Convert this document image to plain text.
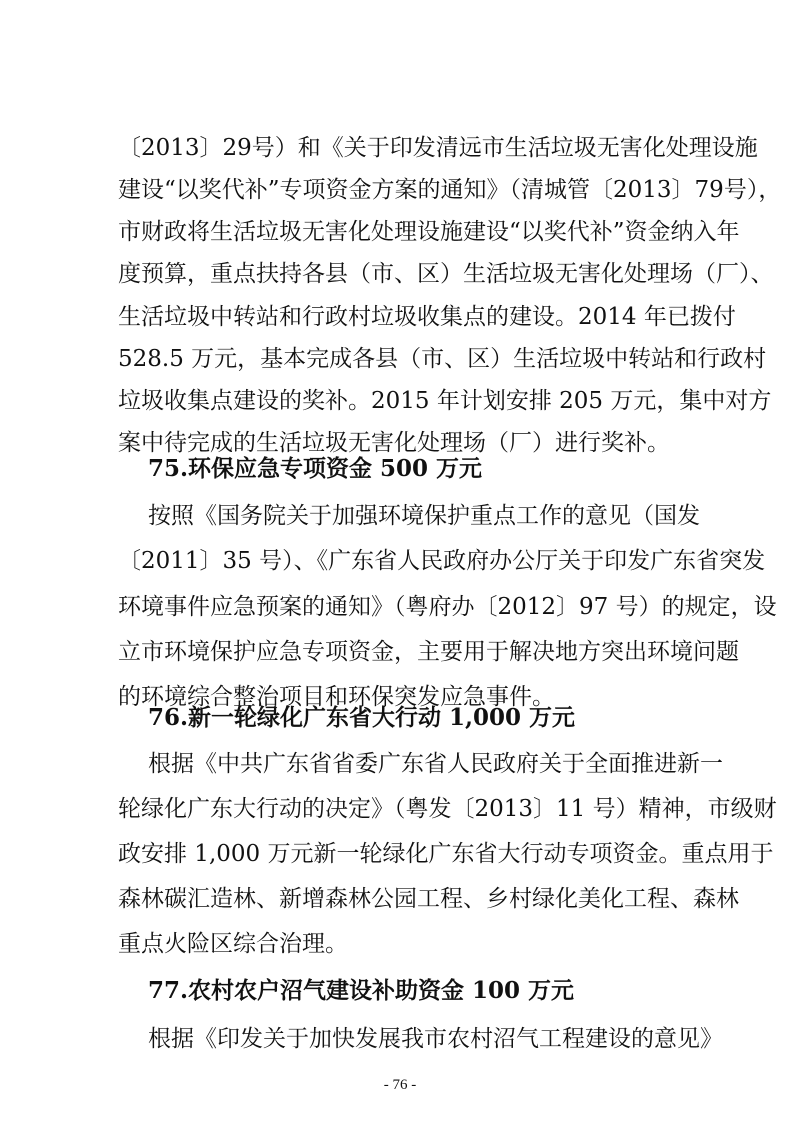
〔2013〕29号）和《关于印发清远市生活垃圾无害化处理设施
建设“以奖代补”专项资金方案的通知》（清城管〔2013〕79号），
市财政将生活垃圾无害化处理设施建设“以奖代补”资金纳入年
度预算，重点扶持各县（市、区）生活垃圾无害化处理场（厂）、
生活垃圾中转站和行政村垃圾收集点的建设。2014 年已拨付
528.5 万元，基本完成各县（市、区）生活垃圾中转站和行政村
垃圾收集点建设的奖补。2015 年计划安排 205 万元，集中对方
案中待完成的生活垃圾无害化处理场（厂）进行奖补。
75.环保应急专项资金 500 万元
按照《国务院关于加强环境保护重点工作的意见（国发
〔2011〕35 号）、《广东省人民政府办公厅关于印发广东省突发
环境事件应急预案的通知》（粤府办〔2012〕97 号）的规定，设
立市环境保护应急专项资金，主要用于解决地方突出环境问题
的环境综合整治项目和环保突发应急事件。
76.新一轮绿化广东省大行动 1,000 万元
根据《中共广东省省委广东省人民政府关于全面推进新一
轮绿化广东大行动的决定》（粤发〔2013〕11 号）精神，市级财
政安排 1,000 万元新一轮绿化广东省大行动专项资金。重点用于
森林碳汇造林、新增森林公园工程、乡村绿化美化工程、森林
重点火险区综合治理。
- 76 -
77.农村农户沼气建设补助资金 100 万元
根据《印发关于加快发展我市农村沼气工程建设的意见》
